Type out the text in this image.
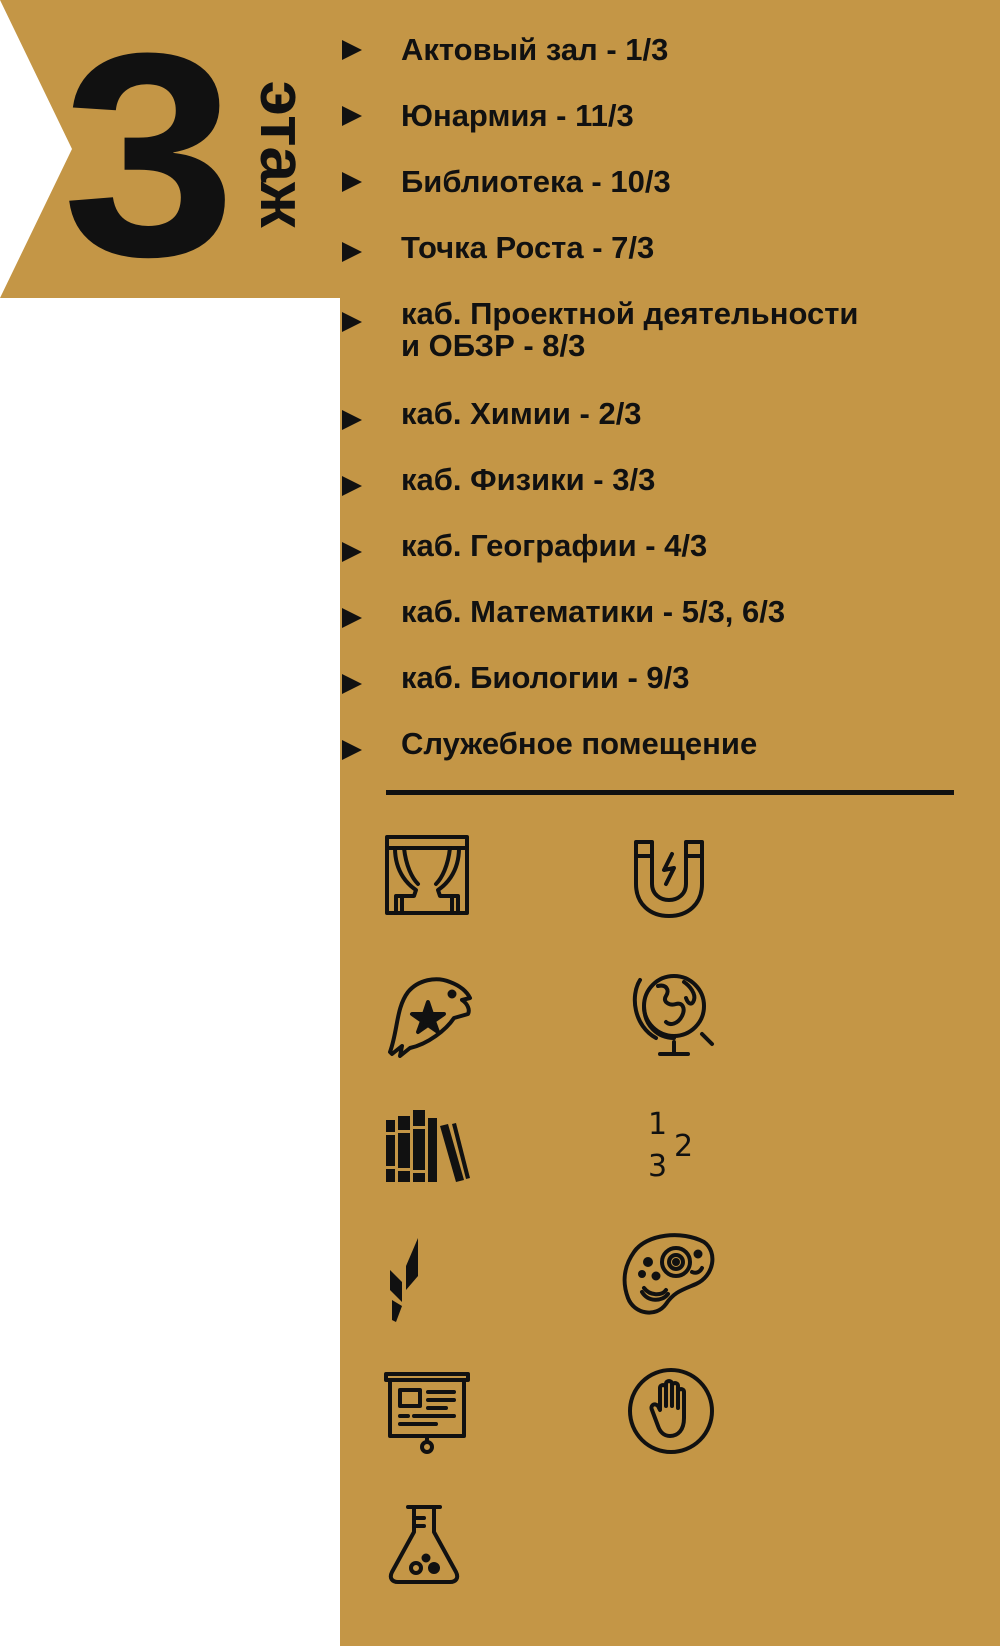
3 этаж
Актовый зал - 1/3
Юнармия - 11/3
Библиотека - 10/3
Точка Роста - 7/3
каб. Проектной деятельности
и ОБЗР - 8/3
каб. Химии - 2/3
каб. Физики - 3/3
каб. Географии - 4/3
каб. Математики - 5/3, 6/3
каб. Биологии - 9/3
Служебное помещение
1
2
3
